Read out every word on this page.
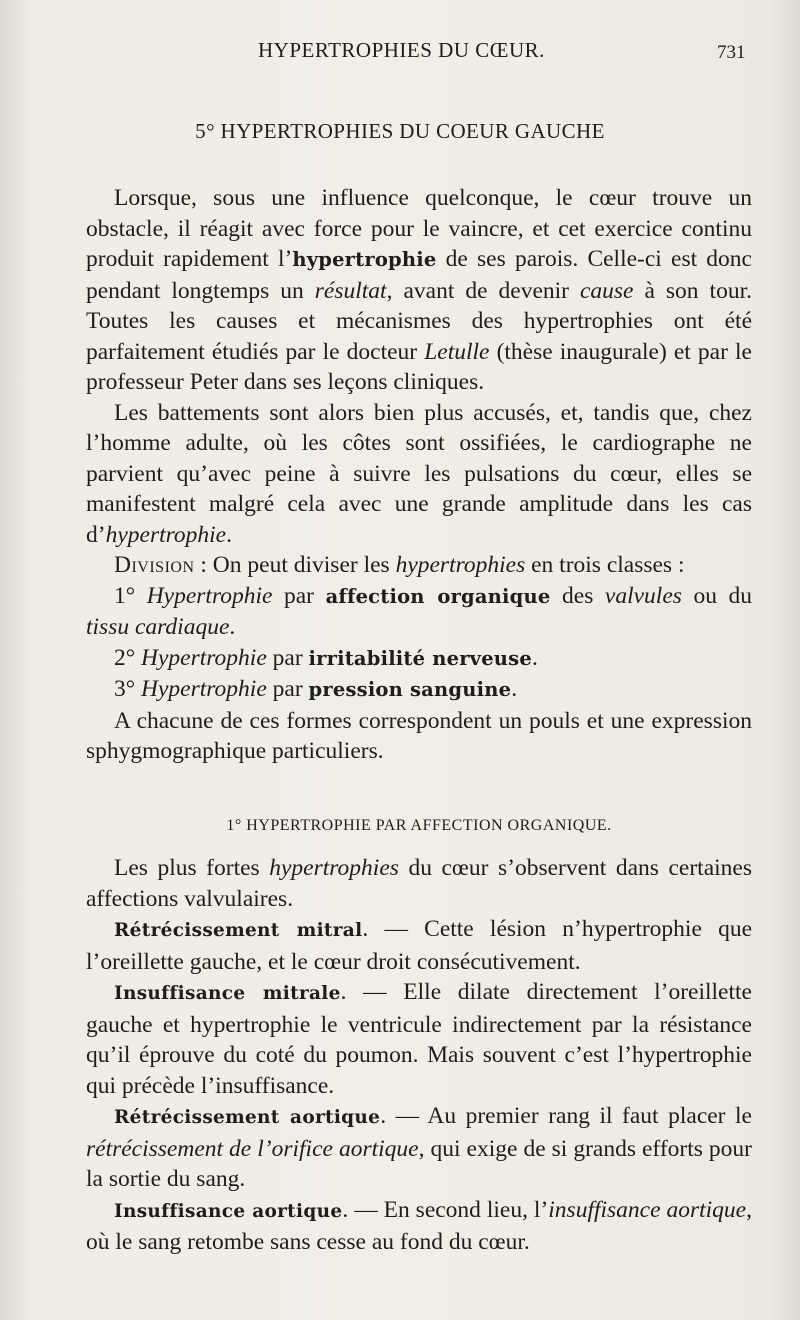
HYPERTROPHIES DU CŒUR.	731
5° HYPERTROPHIES DU COEUR GAUCHE

Lorsque, sous une influence quelconque, le cœur trouve un obstacle, il réagit avec force pour le vaincre, et cet exercice continu produit rapidement l’hypertrophie de ses parois. Celle-ci est donc pendant longtemps un résultat, avant de devenir cause à son tour. Toutes les causes et mécanismes des hypertrophies ont été parfaitement étudiés par le docteur Letulle (thèse inaugurale) et par le professeur Peter dans ses leçons cliniques.

Les battements sont alors bien plus accusés, et, tandis que, chez l’homme adulte, où les côtes sont ossifiées, le cardiographe ne parvient qu’avec peine à suivre les pulsations du cœur, elles se manifestent malgré cela avec une grande amplitude dans les cas d’hypertrophie.

Division : On peut diviser les hypertrophies en trois classes :

1° Hypertrophie par affection organique des valvules ou du tissu cardiaque.

2° Hypertrophie par irritabilité nerveuse.

3° Hypertrophie par pression sanguine.

A chacune de ces formes correspondent un pouls et une expression sphygmographique particuliers.

1° HYPERTROPHIE PAR AFFECTION ORGANIQUE.

Les plus fortes hypertrophies du cœur s’observent dans certaines affections valvulaires.

Rétrécissement mitral. — Cette lésion n’hypertrophie que l’oreillette gauche, et le cœur droit consécutivement.

Insuffisance mitrale. — Elle dilate directement l’oreillette gauche et hypertrophie le ventricule indirectement par la résistance qu’il éprouve du coté du poumon. Mais souvent c’est l’hypertrophie qui précède l’insuffisance.

Rétrécissement aortique. — Au premier rang il faut placer le rétrécissement de l’orifice aortique, qui exige de si grands efforts pour la sortie du sang.

Insuffisance aortique. — En second lieu, l’insuffisance aortique, où le sang retombe sans cesse au fond du cœur.
